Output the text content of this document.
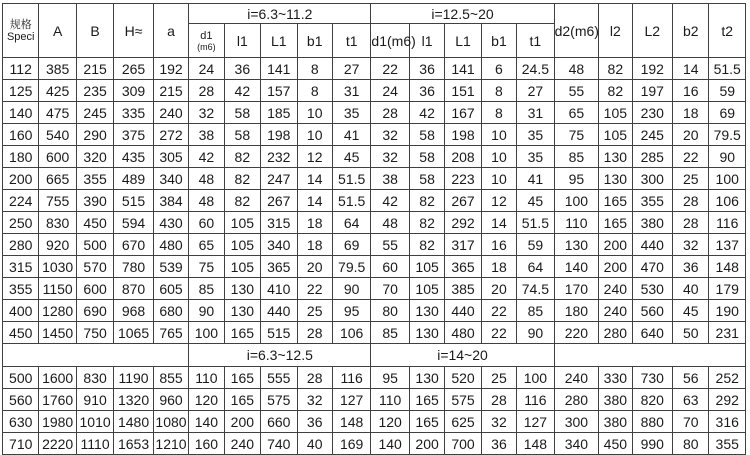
规格
Speci	A	B	H≈	a	i=6.3~11.2					i=12.5~20					d2(m6)	l2	L2	b2	t2

					d1
(m6)	l1	L1	b1	t1	d1(m6)	l1	L1	b1	t1					
112	385	215	265	192	24	36	141	8	27	22	36	141	6	24.5	48	82	192	14	51.5
125	425	235	309	215	28	42	157	8	31	24	36	151	8	27	55	82	197	16	59
140	475	245	335	240	32	58	185	10	35	28	42	167	8	31	65	105	230	18	69
160	540	290	375	272	38	58	198	10	41	32	58	198	10	35	75	105	245	20	79.5
180	600	320	435	305	42	82	232	12	45	32	58	208	10	35	85	130	285	22	90
200	665	355	489	340	48	82	247	14	51.5	38	58	223	10	41	95	130	300	25	100
224	755	390	515	384	48	82	267	14	51.5	42	82	267	12	45	100	165	355	28	106
250	830	450	594	430	60	105	315	18	64	48	82	292	14	51.5	110	165	380	28	116
280	920	500	670	480	65	105	340	18	69	55	82	317	16	59	130	200	440	32	137
315	1030	570	780	539	75	105	365	20	79.5	60	105	365	18	64	140	200	470	36	148
355	1150	600	870	605	85	130	410	22	90	70	105	385	20	74.5	170	240	530	40	179
400	1280	690	968	680	90	130	440	25	95	80	130	440	22	85	180	240	560	45	190
450	1450	750	1065	765	100	165	515	28	106	85	130	480	22	90	220	280	640	50	231
					i=6.3~12.5					i=14~20									
500	1600	830	1190	855	110	165	555	28	116	95	130	520	25	100	240	330	730	56	252
560	1760	910	1320	960	120	165	575	32	127	110	165	575	28	116	280	380	820	63	292
630	1980	1010	1480	1080	140	200	660	36	148	120	165	625	32	127	300	380	880	70	316
710	2220	1110	1653	1210	160	240	740	40	169	140	200	700	36	148	340	450	990	80	355
